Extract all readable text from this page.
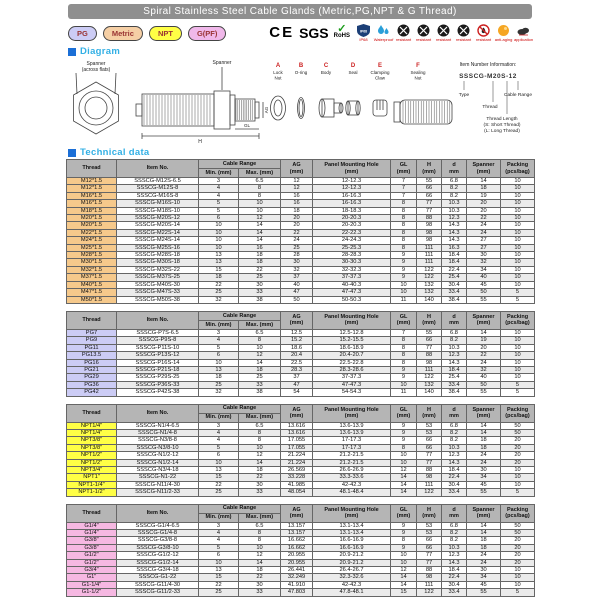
Spiral Stainless Steel Cable Glands (Metric,PG,NPT & G Thread)
PG	Metric	NPT	G(PF)	CE SGS ✓
RoHS
IP68
IP68 Waterproof resistant resistant resistant resistant resistant anti-aging application
Diagram
Spanner
(across flats)
Spanner
H
GL
AG
A
Lock
Nut
B
O-ring
C
Body
D
Seal
E
Clamping
Claw
F
Sealing
Nut
Item Number Information:
SSSCG-M20S-12
Type	Cable Range
Thread
Thread Length
(S: Short Thread)
(L: Long Thread)
Technical data
Thread	Item No.
	Cable Range	AG
(mm)

Panel Mounting Hole
(mm)

GL
(mm)

H
(mm)

d
mm

Spanner
(mm)

Packing
(pcs/bag)

		Min. (mm)	Max. (mm)							
M12*1.5	SSSCG-M12S-6.5	3	6.5	12	12-12.3	7	55	6.8	14	10
M12*1.5	SSSCG-M12S-8	4	8	12	12-12.3	7	66	8.2	18	10
M16*1.5	SSSCG-M16S-8	4	8	16	16-16.3	7	66	8.2	19	10
M16*1.5	SSSCG-M16S-10	5	10	16	16-16.3	8	77	10.3	20	10
M18*1.5	SSSCG-M18S-10	5	10	18	18-18.3	8	77	10.3	20	10
M20*1.5	SSSCG-M20S-12	6	12	20	20-20.3	8	88	12.3	22	10
M20*1.5	SSSCG-M20S-14	10	14	20	20-20.3	8	98	14.3	24	10
M22*1.5	SSSCG-M22S-14	10	14	22	22-22.3	8	98	14.3	24	10
M24*1.5	SSSCG-M24S-14	10	14	24	24-24.3	8	98	14.3	27	10
M25*1.5	SSSCG-M25S-16	10	16	25	25-25.3	8	111	16.3	27	10
M28*1.5	SSSCG-M28S-18	13	18	28	28-28.3	9	111	18.4	30	10
M30*1.5	SSSCG-M30S-18	13	18	30	30-30.3	9	111	18.4	32	10
M32*1.5	SSSCG-M32S-22	15	22	32	32-32.3	9	122	22.4	34	10
M37*1.5	SSSCG-M37S-25	18	25	37	37-37.3	9	122	25.4	40	10
M40*1.5	SSSCG-M40S-30	22	30	40	40-40.3	10	132	30.4	45	10
M47*1.5	SSSCG-M47S-33	25	33	47	47-47.3	10	132	33.4	50	5
M50*1.5	SSSCG-M50S-38	32	38	50	50-50.3	11	140	38.4	55	5
Thread	Item No.
	Cable Range	AG
(mm)

Panel Mounting Hole
(mm)

GL
(mm)

H
(mm)

d
mm

Spanner
(mm)

Packing
(pcs/bag)

		Min. (mm)	Max. (mm)							
PG7	SSSCG-P7S-6.5	3	6.5	12.5	12.5-12.8	7	55	6.8	14	10
PG9	SSSCG-P9S-8	4	8	15.2	15.2-15.5	8	66	8.2	19	10
PG11	SSSCG-P11S-10	5	10	18.6	18.6-18.9	8	77	10.3	20	10
PG13.5	SSSCG-P13S-12	6	12	20.4	20.4-20.7	8	88	12.3	22	10
PG16	SSSCG-P16S-14	10	14	22.5	22.5-22.8	8	98	14.3	24	10
PG21	SSSCG-P21S-18	13	18	28.3	28.3-28.6	9	111	18.4	32	10
PG29	SSSCG-P29S-25	18	25	37	37-37.3	9	122	25.4	40	10
PG36	SSSCG-P36S-33	25	33	47	47-47.3	10	132	33.4	50	5
PG42	SSSCG-P42S-38	32	38	54	54-54.3	11	140	38.4	55	5
Thread	Item No.
	Cable Range	AG
(mm)

Panel Mounting Hole
(mm)

GL
(mm)

H
(mm)

d
mm

Spanner
(mm)

Packing
(pcs/bag)

		Min. (mm)	Max. (mm)							
NPT1/4"	SSSCG-N1/4-6.5	3	6.5	13.616	13.6-13.9	9	53	6.8	14	50
NPT1/4"	SSSCG-N1/4-8	4	8	13.616	13.6-13.9	9	53	8.2	14	50
NPT3/8"	SSSCG-N3/8-8	4	8	17.055	17-17.3	9	66	8.2	18	20
NPT3/8"	SSSCG-N3/8-10	5	10	17.055	17-17.3	8	66	10.3	18	20
NPT1/2"	SSSCG-N1/2-12	6	12	21.224	21.2-21.5	10	77	12.3	24	20
NPT1/2"	SSSCG-N1/2-14	10	14	21.224	21.2-21.5	10	77	14.3	24	20
NPT3/4"	SSSCG-N3/4-18	13	18	26.569	26.6-26.9	12	88	18.4	30	10
NPT1"	SSSCG-N1-22	15	22	33.228	33.3-33.6	14	98	22.4	34	10
NPT1-1/4"	SSSCG-N11/4-30	22	30	41.985	42-42.3	14	111	30.4	45	10
NPT1-1/2"	SSSCG-N11/2-33	25	33	48.054	48.1-48.4	14	122	33.4	55	5
Thread	Item No.
	Cable Range	AG
(mm)

Panel Mounting Hole
(mm)

GL
(mm)

H
(mm)

d
mm

Spanner
(mm)

Packing
(pcs/bag)

		Min. (mm)	Max. (mm)							
G1/4"	SSSCG-G1/4-6.5	3	6.5	13.157	13.1-13.4	9	53	6.8	14	50
G1/4"	SSSCG-G1/4-8	4	8	13.157	13.1-13.4	9	53	8.2	14	50
G3/8"	SSSCG-G3/8-8	4	8	16.662	16.6-16.9	8	66	8.2	18	20
G3/8"	SSSCG-G3/8-10	5	10	16.662	16.6-16.9	9	66	10.3	18	20
G1/2"	SSSCG-G1/2-12	6	12	20.955	20.9-21.2	10	77	12.3	24	20
G1/2"	SSSCG-G1/2-14	10	14	20.955	20.9-21.2	10	77	14.3	24	20
G3/4"	SSSCG-G3/4-18	13	18	26.441	26.4-26.7	12	88	18.4	30	10
G1"	SSSCG-G1-22	15	22	32.249	32.3-32.6	14	98	22.4	34	10
G1-1/4"	SSSCG-G11/4-30	22	30	41.910	42-42.3	14	111	30.4	45	10
G1-1/2"	SSSCG-G11/2-33	25	33	47.803	47.8-48.1	15	122	33.4	55	5
